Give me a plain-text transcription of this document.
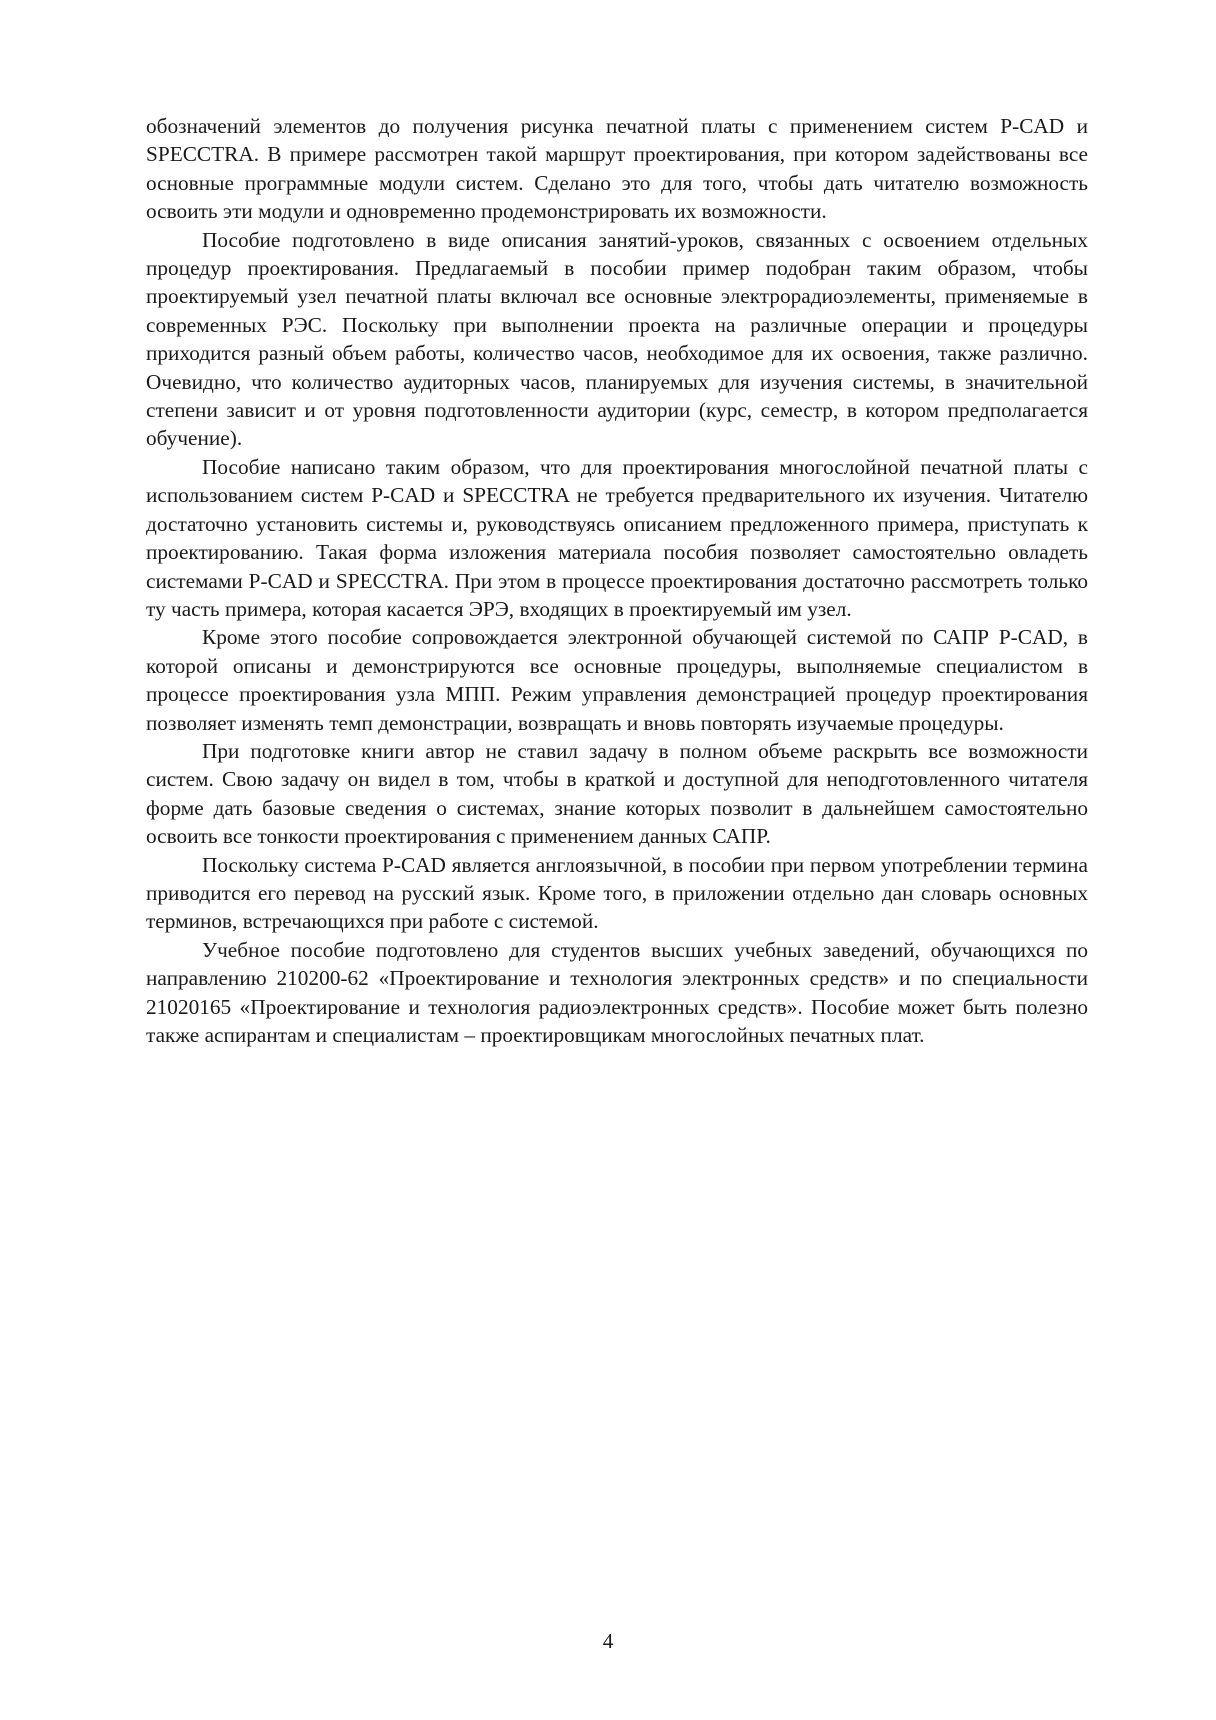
обозначений элементов до получения рисунка печатной платы с применением систем P-CAD и SPECCTRA. В примере рассмотрен такой маршрут проектирования, при котором задействованы все основные программные модули систем. Сделано это для того, чтобы дать читателю возможность освоить эти модули и одновременно продемонстрировать их возможности.

Пособие подготовлено в виде описания занятий-уроков, связанных с освоением отдельных процедур проектирования. Предлагаемый в пособии пример подобран таким образом, чтобы проектируемый узел печатной платы включал все основные электрорадиоэлементы, применяемые в современных РЭС. Поскольку при выполнении проекта на различные операции и процедуры приходится разный объем работы, количество часов, необходимое для их освоения, также различно. Очевидно, что количество аудиторных часов, планируемых для изучения системы, в значительной степени зависит и от уровня подготовленности аудитории (курс, семестр, в котором предполагается обучение).

Пособие написано таким образом, что для проектирования многослойной печатной платы с использованием систем P-CAD и SPECCTRA не требуется предварительного их изучения. Читателю достаточно установить системы и, руководствуясь описанием предложенного примера, приступать к проектированию. Такая форма изложения материала пособия позволяет самостоятельно овладеть системами P-CAD и SPECCTRA. При этом в процессе проектирования достаточно рассмотреть только ту часть примера, которая касается ЭРЭ, входящих в проектируемый им узел.

Кроме этого пособие сопровождается электронной обучающей системой по САПР P-CAD, в которой описаны и демонстрируются все основные процедуры, выполняемые специалистом в процессе проектирования узла МПП. Режим управления демонстрацией процедур проектирования позволяет изменять темп демонстрации, возвращать и вновь повторять изучаемые процедуры.

При подготовке книги автор не ставил задачу в полном объеме раскрыть все возможности систем. Свою задачу он видел в том, чтобы в краткой и доступной для неподготовленного читателя форме дать базовые сведения о системах, знание которых позволит в дальнейшем самостоятельно освоить все тонкости проектирования с применением данных САПР.

Поскольку система P-CAD является англоязычной, в пособии при первом употреблении термина приводится его перевод на русский язык. Кроме того, в приложении отдельно дан словарь основных терминов, встречающихся при работе с системой.

Учебное пособие подготовлено для студентов высших учебных заведений, обучающихся по направлению 210200-62 «Проектирование и технология электронных средств» и по специальности 21020165 «Проектирование и технология радиоэлектронных средств». Пособие может быть полезно также аспирантам и специалистам – проектировщикам многослойных печатных плат.

4
